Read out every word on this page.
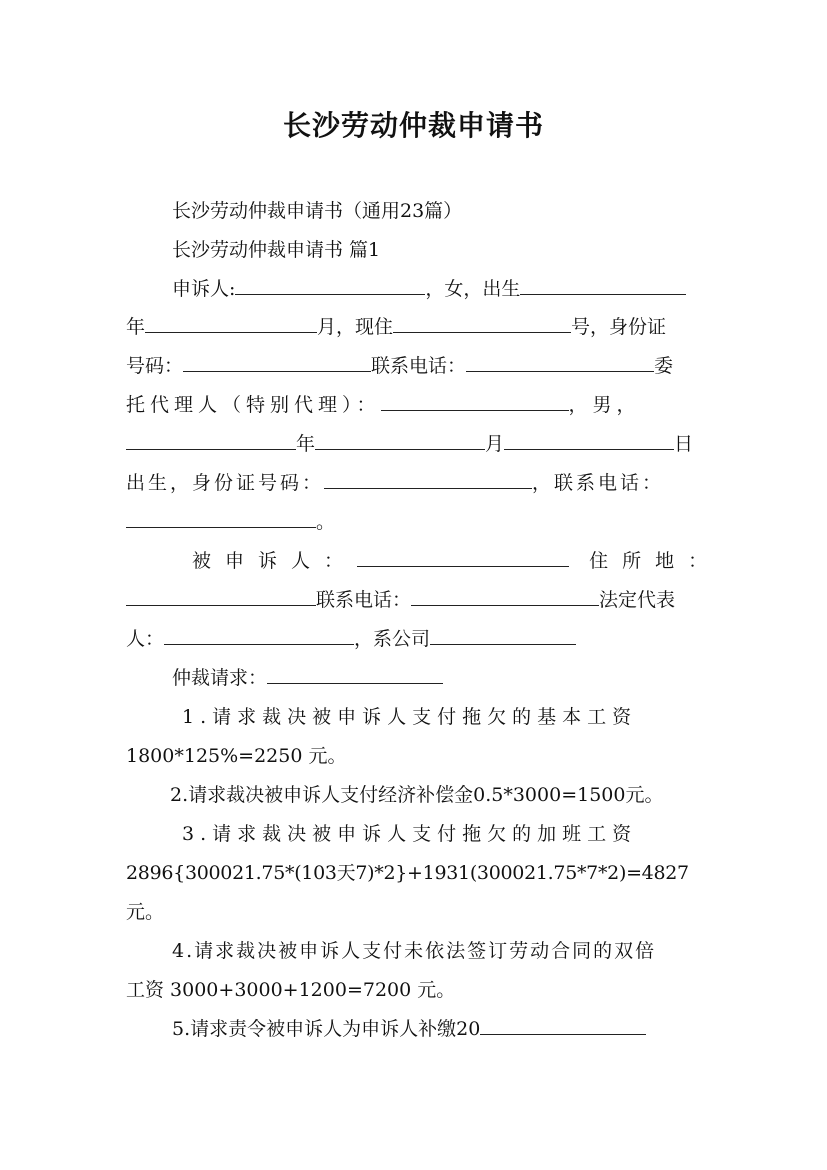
长沙劳动仲裁申请书
长沙劳动仲裁申请书（通用23篇）
长沙劳动仲裁申请书 篇1
申诉人:	，女，出生
年	月，现住	号，身份证
号码：	联系电话：	委
托代理人（特别代理）：	，男，
年	月	日
出生，身份证号码：	，联系电话：
。
被申诉人：	住所地：
联系电话：	法定代表
人：	，系公司
仲裁请求：
1.请求裁决被申诉人支付拖欠的基本工资
1800*125%=2250 元。
2.请求裁决被申诉人支付经济补偿金0.5*3000=1500元。
3.请求裁决被申诉人支付拖欠的加班工资
2896{300021.75*(103天7)*2}+1931(300021.75*7*2)=4827
元。
4.请求裁决被申诉人支付未依法签订劳动合同的双倍
工资 3000+3000+1200=7200 元。
5.请求责令被申诉人为申诉人补缴20
